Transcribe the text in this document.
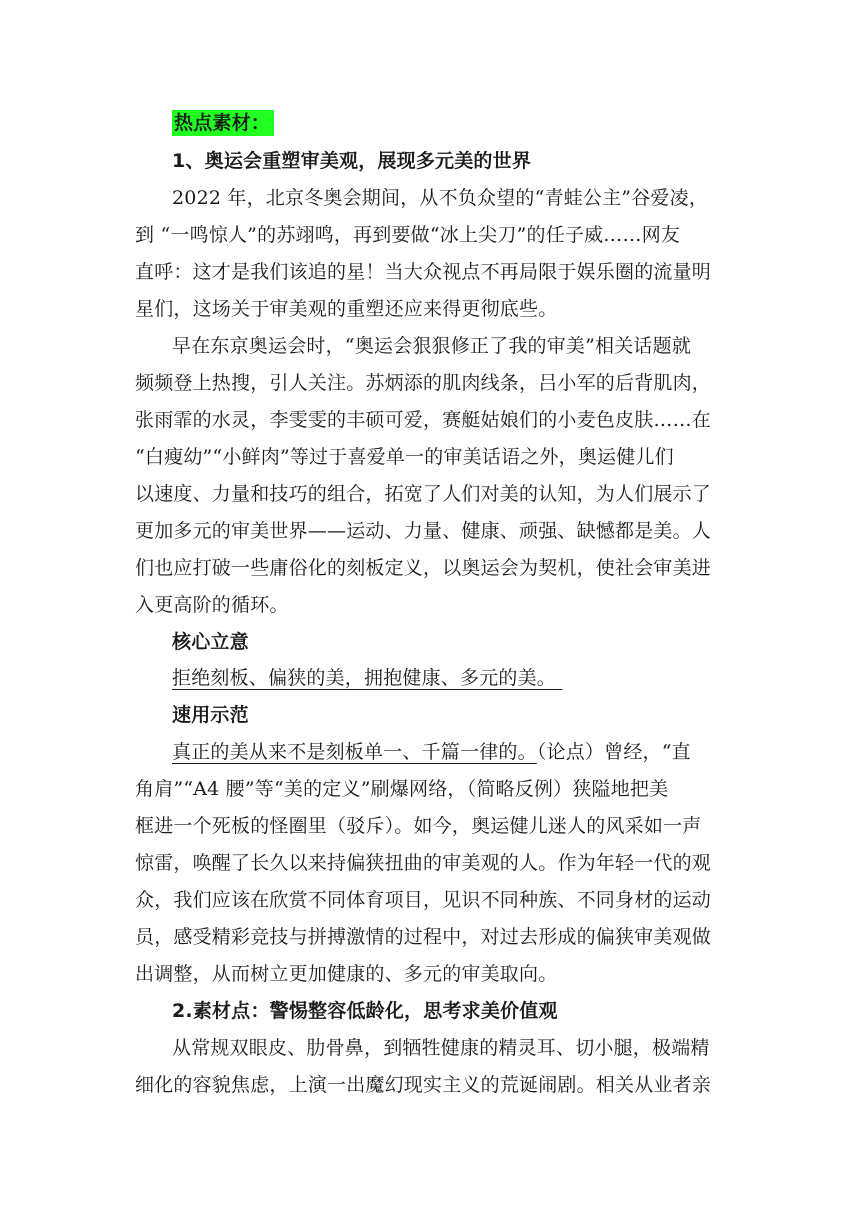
热点素材：
1、奥运会重塑审美观，展现多元美的世界
2022 年，北京冬奥会期间，从不负众望的“青蛙公主”谷爱凌，
到 “一鸣惊人”的苏翊鸣，再到要做“冰上尖刀”的任子威……网友
直呼：这才是我们该追的星！当大众视点不再局限于娱乐圈的流量明
星们，这场关于审美观的重塑还应来得更彻底些。
早在东京奥运会时，“奥运会狠狠修正了我的审美”相关话题就
频频登上热搜，引人关注。苏炳添的肌肉线条，吕小军的后背肌肉，
张雨霏的水灵，李雯雯的丰硕可爱，赛艇姑娘们的小麦色皮肤……在
“白瘦幼”“小鲜肉”等过于喜爱单一的审美话语之外，奥运健儿们
以速度、力量和技巧的组合，拓宽了人们对美的认知，为人们展示了
更加多元的审美世界——运动、力量、健康、顽强、缺憾都是美。人
们也应打破一些庸俗化的刻板定义，以奥运会为契机，使社会审美进
入更高阶的循环。
核心立意
拒绝刻板、偏狭的美，拥抱健康、多元的美。
速用示范
真正的美从来不是刻板单一、千篇一律的。（论点）曾经，“直
角肩”“A4 腰”等“美的定义”刷爆网络，（简略反例）狭隘地把美
框进一个死板的怪圈里（驳斥）。如今，奥运健儿迷人的风采如一声
惊雷，唤醒了长久以来持偏狭扭曲的审美观的人。作为年轻一代的观
众，我们应该在欣赏不同体育项目，见识不同种族、不同身材的运动
员，感受精彩竞技与拼搏激情的过程中，对过去形成的偏狭审美观做
出调整，从而树立更加健康的、多元的审美取向。
2.素材点：警惕整容低龄化，思考求美价值观
从常规双眼皮、肋骨鼻，到牺牲健康的精灵耳、切小腿，极端精
细化的容貌焦虑，上演一出魔幻现实主义的荒诞闹剧。相关从业者亲
